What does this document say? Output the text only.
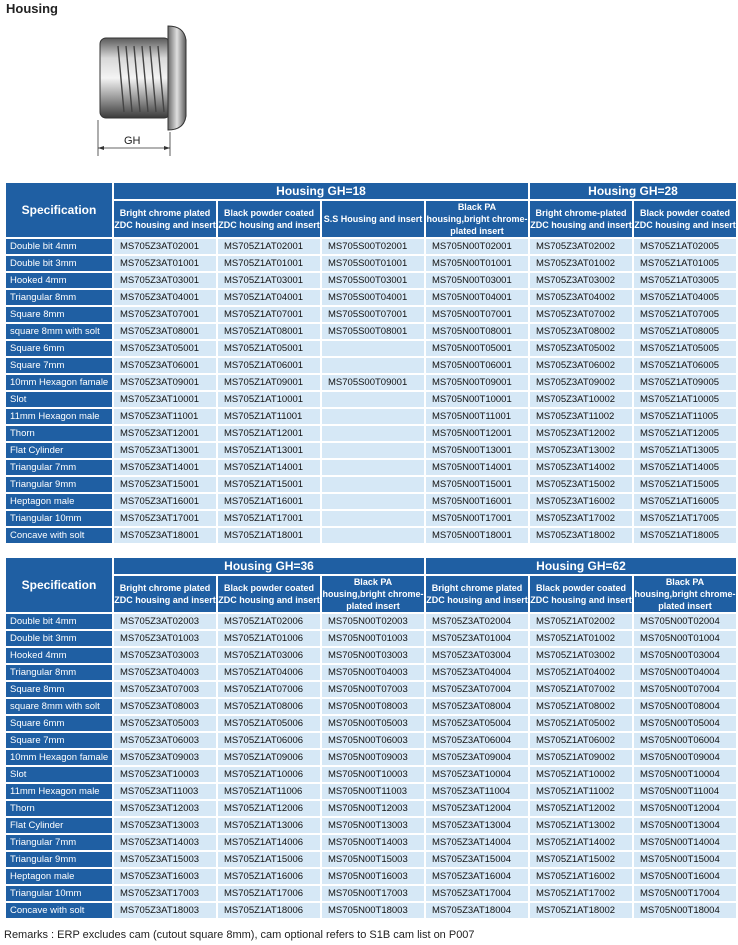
Housing
GH
Specification	Housing GH=18				Housing GH=28	
	Bright chrome plated ZDC housing and insert	Black powder coated ZDC housing and insert	S.S Housing and insert	Black PA housing,bright chrome-plated insert	Bright chrome-plated ZDC housing and insert	Black powder coated ZDC housing and insert
Double bit 4mm	MS705Z3AT02001	MS705Z1AT02001	MS705S00T02001	MS705N00T02001	MS705Z3AT02002	MS705Z1AT02005
Double bit 3mm	MS705Z3AT01001	MS705Z1AT01001	MS705S00T01001	MS705N00T01001	MS705Z3AT01002	MS705Z1AT01005
Hooked 4mm	MS705Z3AT03001	MS705Z1AT03001	MS705S00T03001	MS705N00T03001	MS705Z3AT03002	MS705Z1AT03005
Triangular 8mm	MS705Z3AT04001	MS705Z1AT04001	MS705S00T04001	MS705N00T04001	MS705Z3AT04002	MS705Z1AT04005
Square 8mm	MS705Z3AT07001	MS705Z1AT07001	MS705S00T07001	MS705N00T07001	MS705Z3AT07002	MS705Z1AT07005
square 8mm with solt	MS705Z3AT08001	MS705Z1AT08001	MS705S00T08001	MS705N00T08001	MS705Z3AT08002	MS705Z1AT08005
Square 6mm	MS705Z3AT05001	MS705Z1AT05001		MS705N00T05001	MS705Z3AT05002	MS705Z1AT05005
Square 7mm	MS705Z3AT06001	MS705Z1AT06001		MS705N00T06001	MS705Z3AT06002	MS705Z1AT06005
10mm Hexagon famale	MS705Z3AT09001	MS705Z1AT09001	MS705S00T09001	MS705N00T09001	MS705Z3AT09002	MS705Z1AT09005
Slot	MS705Z3AT10001	MS705Z1AT10001		MS705N00T10001	MS705Z3AT10002	MS705Z1AT10005
11mm Hexagon male	MS705Z3AT11001	MS705Z1AT11001		MS705N00T11001	MS705Z3AT11002	MS705Z1AT11005
Thorn	MS705Z3AT12001	MS705Z1AT12001		MS705N00T12001	MS705Z3AT12002	MS705Z1AT12005
Flat Cylinder	MS705Z3AT13001	MS705Z1AT13001		MS705N00T13001	MS705Z3AT13002	MS705Z1AT13005
Triangular 7mm	MS705Z3AT14001	MS705Z1AT14001		MS705N00T14001	MS705Z3AT14002	MS705Z1AT14005
Triangular 9mm	MS705Z3AT15001	MS705Z1AT15001		MS705N00T15001	MS705Z3AT15002	MS705Z1AT15005
Heptagon male	MS705Z3AT16001	MS705Z1AT16001		MS705N00T16001	MS705Z3AT16002	MS705Z1AT16005
Triangular 10mm	MS705Z3AT17001	MS705Z1AT17001		MS705N00T17001	MS705Z3AT17002	MS705Z1AT17005
Concave with solt	MS705Z3AT18001	MS705Z1AT18001		MS705N00T18001	MS705Z3AT18002	MS705Z1AT18005
Specification	Housing GH=36			Housing GH=62		
	Bright chrome plated ZDC housing and insert	Black powder coated ZDC housing and insert	Black PA housing,bright chrome-plated insert	Bright chrome plated ZDC housing and insert	Black powder coated ZDC housing and insert	Black PA housing,bright chrome-plated insert
Double bit 4mm	MS705Z3AT02003	MS705Z1AT02006	MS705N00T02003	MS705Z3AT02004	MS705Z1AT02002	MS705N00T02004
Double bit 3mm	MS705Z3AT01003	MS705Z1AT01006	MS705N00T01003	MS705Z3AT01004	MS705Z1AT01002	MS705N00T01004
Hooked 4mm	MS705Z3AT03003	MS705Z1AT03006	MS705N00T03003	MS705Z3AT03004	MS705Z1AT03002	MS705N00T03004
Triangular 8mm	MS705Z3AT04003	MS705Z1AT04006	MS705N00T04003	MS705Z3AT04004	MS705Z1AT04002	MS705N00T04004
Square 8mm	MS705Z3AT07003	MS705Z1AT07006	MS705N00T07003	MS705Z3AT07004	MS705Z1AT07002	MS705N00T07004
square 8mm with solt	MS705Z3AT08003	MS705Z1AT08006	MS705N00T08003	MS705Z3AT08004	MS705Z1AT08002	MS705N00T08004
Square 6mm	MS705Z3AT05003	MS705Z1AT05006	MS705N00T05003	MS705Z3AT05004	MS705Z1AT05002	MS705N00T05004
Square 7mm	MS705Z3AT06003	MS705Z1AT06006	MS705N00T06003	MS705Z3AT06004	MS705Z1AT06002	MS705N00T06004
10mm Hexagon famale	MS705Z3AT09003	MS705Z1AT09006	MS705N00T09003	MS705Z3AT09004	MS705Z1AT09002	MS705N00T09004
Slot	MS705Z3AT10003	MS705Z1AT10006	MS705N00T10003	MS705Z3AT10004	MS705Z1AT10002	MS705N00T10004
11mm Hexagon male	MS705Z3AT11003	MS705Z1AT11006	MS705N00T11003	MS705Z3AT11004	MS705Z1AT11002	MS705N00T11004
Thorn	MS705Z3AT12003	MS705Z1AT12006	MS705N00T12003	MS705Z3AT12004	MS705Z1AT12002	MS705N00T12004
Flat Cylinder	MS705Z3AT13003	MS705Z1AT13006	MS705N00T13003	MS705Z3AT13004	MS705Z1AT13002	MS705N00T13004
Triangular 7mm	MS705Z3AT14003	MS705Z1AT14006	MS705N00T14003	MS705Z3AT14004	MS705Z1AT14002	MS705N00T14004
Triangular 9mm	MS705Z3AT15003	MS705Z1AT15006	MS705N00T15003	MS705Z3AT15004	MS705Z1AT15002	MS705N00T15004
Heptagon male	MS705Z3AT16003	MS705Z1AT16006	MS705N00T16003	MS705Z3AT16004	MS705Z1AT16002	MS705N00T16004
Triangular 10mm	MS705Z3AT17003	MS705Z1AT17006	MS705N00T17003	MS705Z3AT17004	MS705Z1AT17002	MS705N00T17004
Concave with solt	MS705Z3AT18003	MS705Z1AT18006	MS705N00T18003	MS705Z3AT18004	MS705Z1AT18002	MS705N00T18004
Remarks : ERP excludes cam (cutout square 8mm), cam optional refers to S1B cam list on P007
